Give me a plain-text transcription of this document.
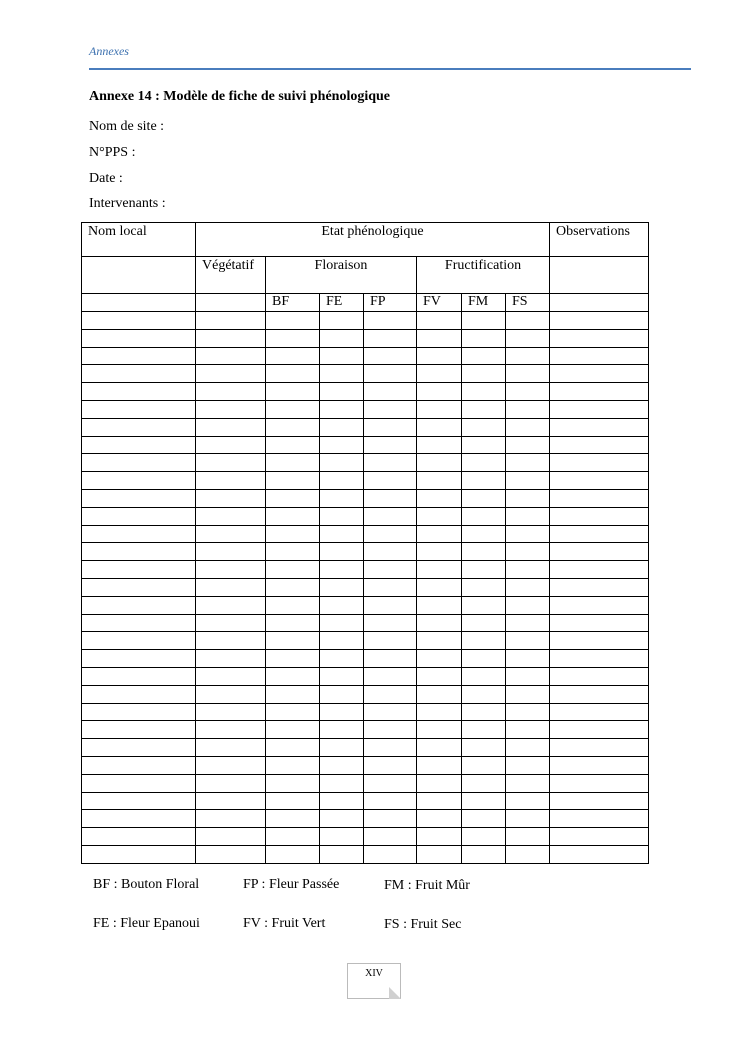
Annexes
Annexe 14 : Modèle de fiche de suivi phénologique
Nom de site :
N°PPS :
Date :
Intervenants :
Nom local	Etat phénologique							Observations
	Végétatif	Floraison			Fructification			
		BF	FE	FP	FV	FM	FS	

BF : Bouton Floral	FP : Fleur Passée	FM : Fruit Mûr
FE : Fleur Epanoui	FV : Fruit Vert	FS : Fruit Sec
XIV
